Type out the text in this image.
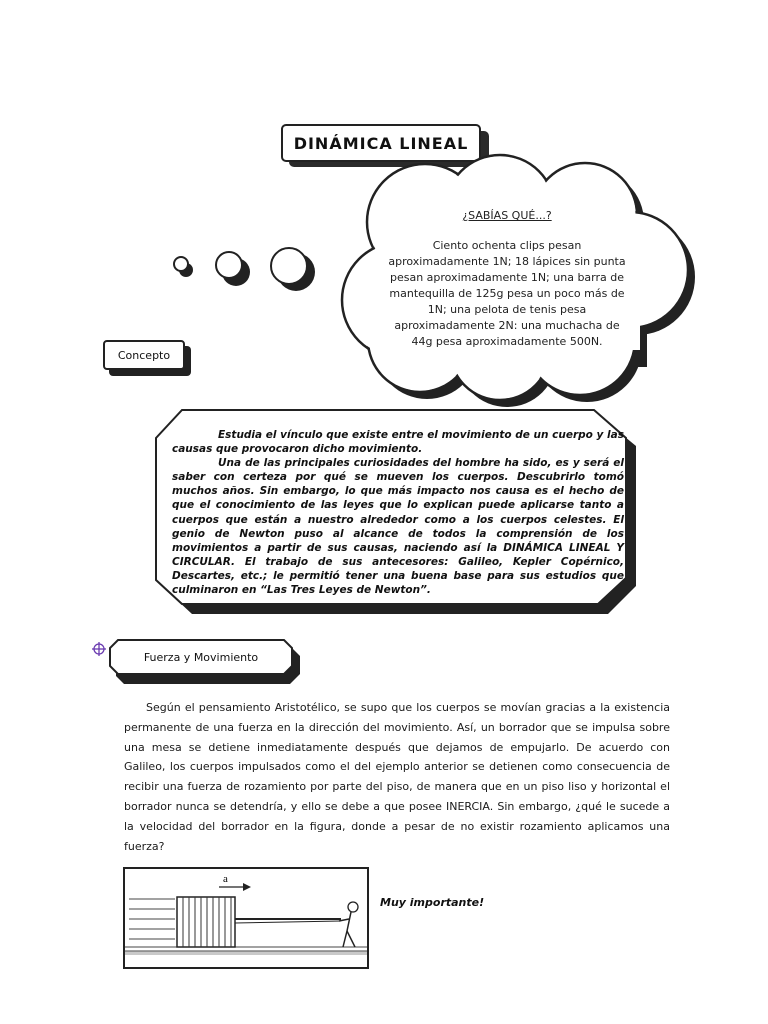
DINÁMICA LINEAL
¿SABÍAS QUÉ...?
Ciento ochenta clips pesan aproximadamente 1N; 18 lápices sin punta pesan aproximadamente 1N; una barra de mantequilla de 125g pesa un poco más de 1N; una pelota de tenis pesa aproximadamente 2N: una muchacha de 44g pesa aproximadamente 500N.
Concepto

Estudia el vínculo que existe entre el movimiento de un cuerpo y las causas que provocaron dicho movimiento.

Una de las principales curiosidades del hombre ha sido, es y será el saber con certeza por qué se mueven los cuerpos. Descubrirlo tomó muchos años. Sin embargo, lo que más impacto nos causa es el hecho de que el conocimiento de las leyes que lo explican puede aplicarse tanto a cuerpos que están a nuestro alrededor como a los cuerpos celestes. El genio de Newton puso al alcance de todos la comprensión de los movimientos a partir de sus causas, naciendo así la DINÁMICA LINEAL Y CIRCULAR. El trabajo de sus antecesores: Galileo, Kepler Copérnico, Descartes, etc.; le permitió tener una buena base para sus estudios que culminaron en “Las Tres Leyes de Newton”.

Fuerza y Movimiento
Según el pensamiento Aristotélico, se supo que los cuerpos se movían gracias a la existencia permanente de una fuerza en la dirección del movimiento. Así, un borrador que se impulsa sobre una mesa se detiene inmediatamente después que dejamos de empujarlo. De acuerdo con Galileo, los cuerpos impulsados como el del ejemplo anterior se detienen como consecuencia de recibir una fuerza de rozamiento por parte del piso, de manera que en un piso liso y horizontal el borrador nunca se detendría, y ello se debe a que posee INERCIA. Sin embargo, ¿qué le sucede a la velocidad del borrador en la figura, donde a pesar de no existir rozamiento aplicamos una fuerza?
a
Muy importante!
